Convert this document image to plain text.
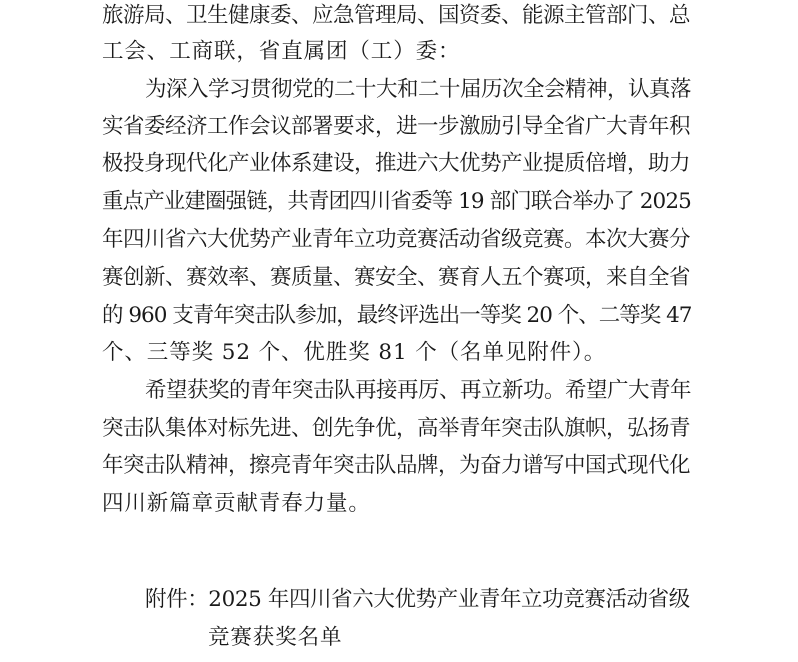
旅游局、卫生健康委、应急管理局、国资委、能源主管部门、总
工会、工商联，省直属团（工）委：
为深入学习贯彻党的二十大和二十届历次全会精神，认真落
实省委经济工作会议部署要求，进一步激励引导全省广大青年积
极投身现代化产业体系建设，推进六大优势产业提质倍增，助力
重点产业建圈强链，共青团四川省委等 19 部门联合举办了 2025
年四川省六大优势产业青年立功竞赛活动省级竞赛。本次大赛分
赛创新、赛效率、赛质量、赛安全、赛育人五个赛项，来自全省
的 960 支青年突击队参加，最终评选出一等奖 20 个、二等奖 47
个、三等奖 52 个、优胜奖 81 个（名单见附件）。
希望获奖的青年突击队再接再厉、再立新功。希望广大青年
突击队集体对标先进、创先争优，高举青年突击队旗帜，弘扬青
年突击队精神，擦亮青年突击队品牌，为奋力谱写中国式现代化
四川新篇章贡献青春力量。
附件：2025 年四川省六大优势产业青年立功竞赛活动省级
竞赛获奖名单
